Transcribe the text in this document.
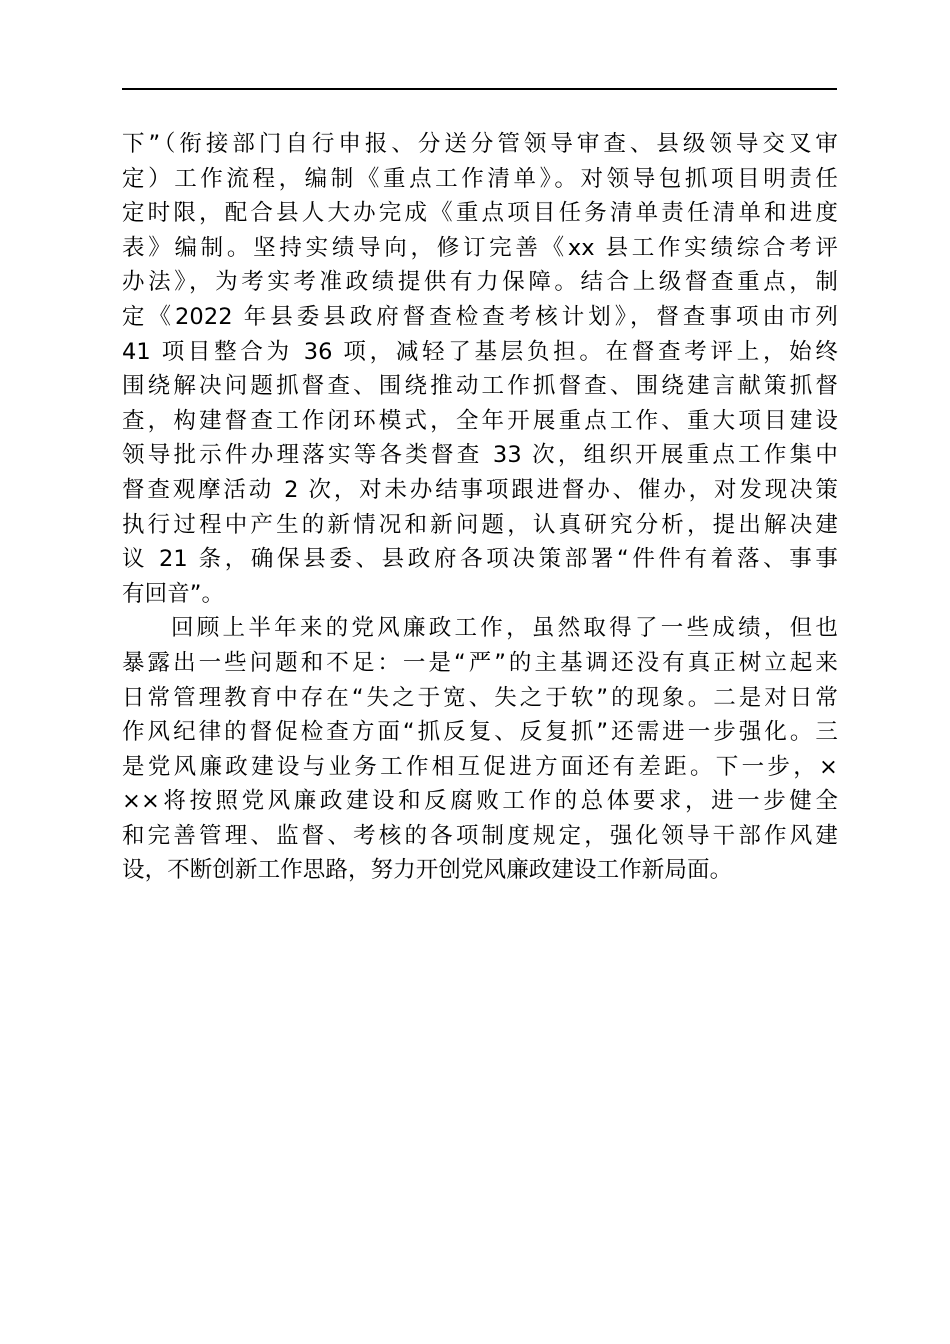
下”（衔接部门自行申报、分送分管领导审查、县级领导交叉审
定）工作流程，编制《重点工作清单》。对领导包抓项目明责任
定时限，配合县人大办完成《重点项目任务清单责任清单和进度
表》编制。坚持实绩导向，修订完善《xx 县工作实绩综合考评
办法》，为考实考准政绩提供有力保障。结合上级督查重点，制
定《2022 年县委县政府督查检查考核计划》，督查事项由市列
41 项目整合为 36 项，减轻了基层负担。在督查考评上，始终
围绕解决问题抓督查、围绕推动工作抓督查、围绕建言献策抓督
查，构建督查工作闭环模式，全年开展重点工作、重大项目建设
领导批示件办理落实等各类督查 33 次，组织开展重点工作集中
督查观摩活动 2 次，对未办结事项跟进督办、催办，对发现决策
执行过程中产生的新情况和新问题，认真研究分析，提出解决建
议 21 条，确保县委、县政府各项决策部署“件件有着落、事事
有回音”。
回顾上半年来的党风廉政工作，虽然取得了一些成绩，但也
暴露出一些问题和不足：一是“严”的主基调还没有真正树立起来
日常管理教育中存在“失之于宽、失之于软”的现象。二是对日常
作风纪律的督促检查方面“抓反复、反复抓”还需进一步强化。三
是党风廉政建设与业务工作相互促进方面还有差距。下一步，×
××将按照党风廉政建设和反腐败工作的总体要求，进一步健全
和完善管理、监督、考核的各项制度规定，强化领导干部作风建
设，不断创新工作思路，努力开创党风廉政建设工作新局面。
